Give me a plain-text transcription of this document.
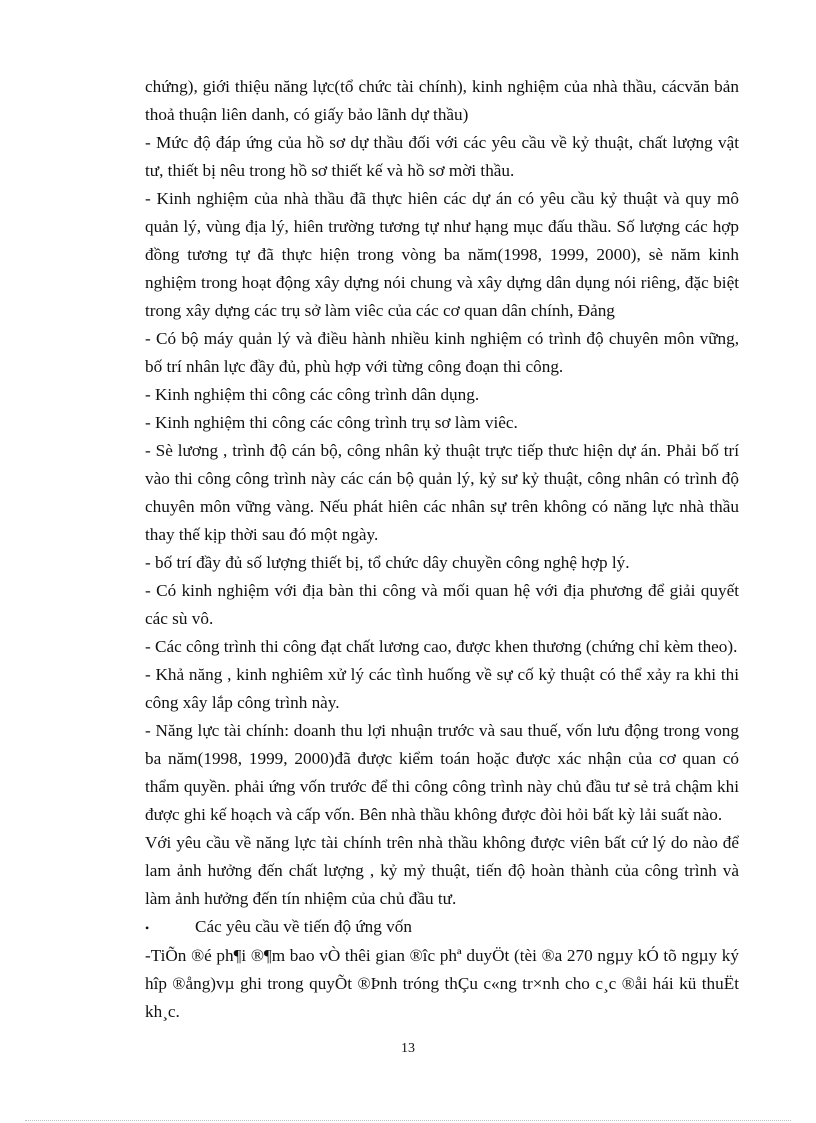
chứng), giới thiệu năng lực(tổ chức tài chính), kinh nghiệm của nhà thầu, cácvăn bản thoả thuận liên danh, có giấy bảo lãnh dự thầu)

- Mức độ đáp ứng của hồ sơ dự thầu đối với các yêu cầu về kỷ thuật, chất lượng vật tư, thiết bị nêu trong hồ sơ thiết kế và hồ sơ mời thầu.

- Kinh nghiệm của nhà thầu đã thực hiên các dự án có yêu cầu kỷ thuật và quy mô quản lý, vùng địa lý, hiên trường tương tự như hạng mục đấu thầu. Số lượng các hợp đồng tương tự đã thực hiện trong vòng ba năm(1998, 1999, 2000), sè năm kinh nghiệm trong hoạt động xây dựng nói chung và xây dựng dân dụng nói riêng, đặc biệt trong xây dựng các trụ sở làm viêc của các cơ quan dân chính, Đảng

- Có bộ máy quản lý và điều hành nhiều kinh nghiệm có trình độ chuyên môn vững, bố trí nhân lực đầy đủ, phù hợp với từng công đoạn thi công.

- Kinh nghiệm thi công các công trình dân dụng.

- Kinh nghiệm thi công các công trình trụ sơ làm viêc.

- Sè lương , trình độ cán bộ, công nhân kỷ thuật trực tiếp thưc hiện dự án. Phải bố trí vào thi công công trình này các cán bộ quản lý, kỷ sư kỷ thuật, công nhân có trình độ chuyên môn vững vàng. Nếu phát hiên các nhân sự trên không có năng lực nhà thầu thay thế kịp thời sau đó một ngày.

- bố trí đầy đủ số lượng thiết bị, tổ chức dây chuyền công nghệ hợp lý.

- Có kinh nghiệm với địa bàn thi công và mối quan hệ với địa phương để giải quyết các sù vô.

- Các công trình thi công đạt chất lương cao, được khen thương (chứng chỉ kèm theo).

- Khả năng , kinh nghiêm xử lý các tình huống về sự cố kỷ thuật có thể xảy ra khi thi công xây lắp công trình này.

- Năng lực tài chính: doanh thu lợi nhuận trước và sau thuế, vốn lưu động trong vong ba năm(1998, 1999, 2000)đã được kiểm toán hoặc được xác nhận của cơ quan có thẩm quyền. phải ứng vốn trước để thi công công trình này chủ đầu tư sẻ trả chậm khi được ghi kế hoạch và cấp vốn. Bên nhà thầu không được đòi hỏi bất kỳ lải suất nào.

Với yêu cầu về năng lực tài chính trên nhà thầu không được viên bất cứ lý do nào để lam ảnh hưởng đến chất lượng , kỷ mỷ thuật, tiến độ hoàn thành của công trình và làm ảnh hưởng đến tín nhiệm của chủ đầu tư.

•	Các yêu cầu về tiến độ ứng vốn

-TiÕn ®é ph¶i ®¶m bao vÒ thêi gian ®îc phª duyÖt (tèi ®a 270 ngµy kÓ tõ ngµy ký hîp ®ång)vµ ghi trong quyÕt ®Þnh tróng thÇu c«ng tr×nh cho c¸c ®åi hái kü thuËt kh¸c.

13
